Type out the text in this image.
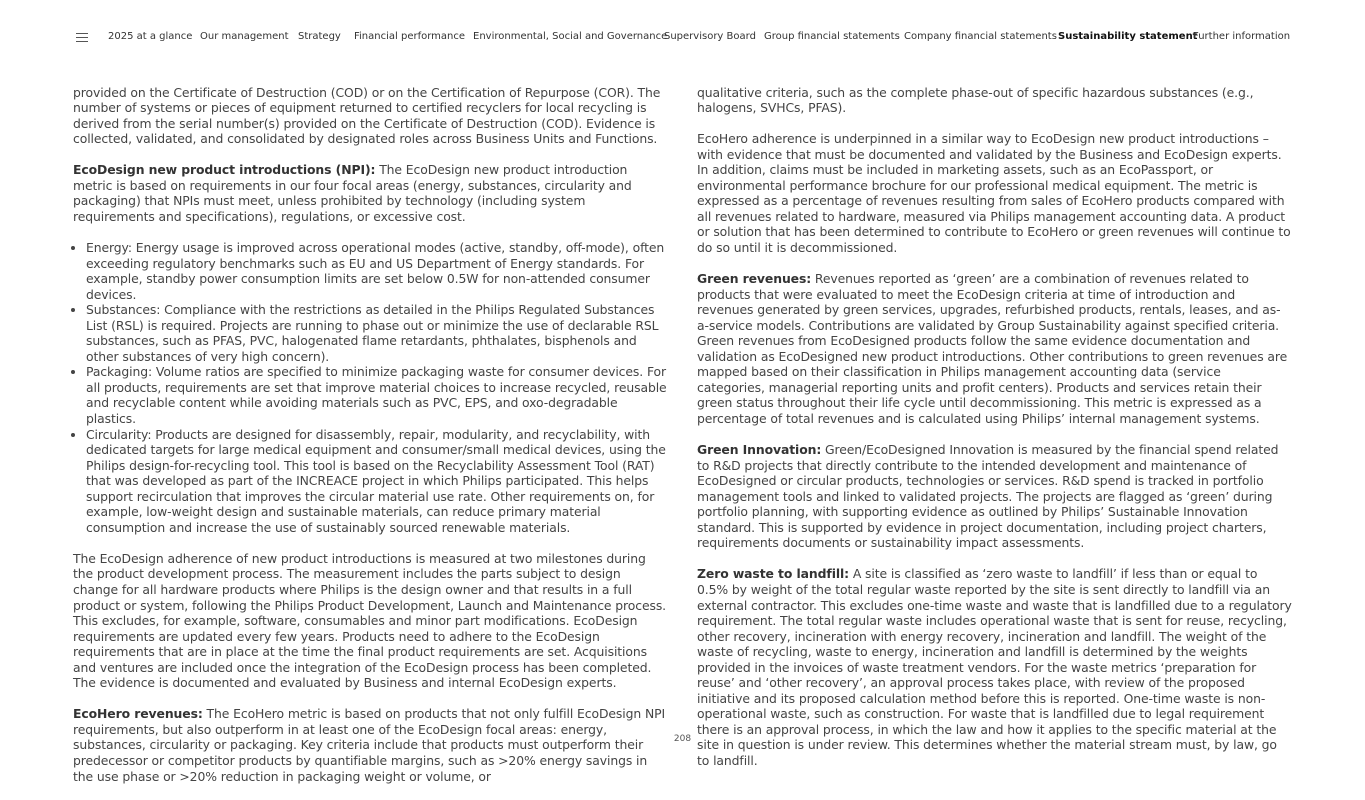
2025 at a glance Our management Strategy Financial performance Environmental, Social and Governance
Supervisory Board Group financial statements Company financial statements Sustainability statement
Further information

provided on the Certificate of Destruction (COD) or on the Certification of Repurpose (COR). The number of systems or pieces of equipment returned to certified recyclers for local recycling is derived from the serial number(s) provided on the Certificate of Destruction (COD). Evidence is collected, validated, and consolidated by designated roles across Business Units and Functions.

EcoDesign new product introductions (NPI): The EcoDesign new product introduction metric is based on requirements in our four focal areas (energy, substances, circularity and packaging) that NPIs must meet, unless prohibited by technology (including system requirements and specifications), regulations, or excessive cost.

• Energy: Energy usage is improved across operational modes (active, standby, off-mode), often exceeding regulatory benchmarks such as EU and US Department of Energy standards. For example, standby power consumption limits are set below 0.5W for non-attended consumer devices.
• Substances: Compliance with the restrictions as detailed in the Philips Regulated Substances List (RSL) is required. Projects are running to phase out or minimize the use of declarable RSL substances, such as PFAS, PVC, halogenated flame retardants, phthalates, bisphenols and other substances of very high concern).
• Packaging: Volume ratios are specified to minimize packaging waste for consumer devices. For all products, requirements are set that improve material choices to increase recycled, reusable and recyclable content while avoiding materials such as PVC, EPS, and oxo-degradable plastics.
• Circularity: Products are designed for disassembly, repair, modularity, and recyclability, with dedicated targets for large medical equipment and consumer/small medical devices, using the Philips design-for-recycling tool. This tool is based on the Recyclability Assessment Tool (RAT) that was developed as part of the INCREACE project in which Philips participated. This helps support recirculation that improves the circular material use rate. Other requirements on, for example, low-weight design and sustainable materials, can reduce primary material consumption and increase the use of sustainably sourced renewable materials.

The EcoDesign adherence of new product introductions is measured at two milestones during the product development process. The measurement includes the parts subject to design change for all hardware products where Philips is the design owner and that results in a full product or system, following the Philips Product Development, Launch and Maintenance process. This excludes, for example, software, consumables and minor part modifications. EcoDesign requirements are updated every few years. Products need to adhere to the EcoDesign requirements that are in place at the time the final product requirements are set. Acquisitions and ventures are included once the integration of the EcoDesign process has been completed. The evidence is documented and evaluated by Business and internal EcoDesign experts.

EcoHero revenues: The EcoHero metric is based on products that not only fulfill EcoDesign NPI requirements, but also outperform in at least one of the EcoDesign focal areas: energy, substances, circularity or packaging. Key criteria include that products must outperform their predecessor or competitor products by quantifiable margins, such as >20% energy savings in the use phase or >20% reduction in packaging weight or volume, or

qualitative criteria, such as the complete phase-out of specific hazardous substances (e.g., halogens, SVHCs, PFAS).

EcoHero adherence is underpinned in a similar way to EcoDesign new product introductions – with evidence that must be documented and validated by the Business and EcoDesign experts. In addition, claims must be included in marketing assets, such as an EcoPassport, or environmental performance brochure for our professional medical equipment. The metric is expressed as a percentage of revenues resulting from sales of EcoHero products compared with all revenues related to hardware, measured via Philips management accounting data. A product or solution that has been determined to contribute to EcoHero or green revenues will continue to do so until it is decommissioned.

Green revenues: Revenues reported as ‘green’ are a combination of revenues related to products that were evaluated to meet the EcoDesign criteria at time of introduction and revenues generated by green services, upgrades, refurbished products, rentals, leases, and as-a-service models. Contributions are validated by Group Sustainability against specified criteria. Green revenues from EcoDesigned products follow the same evidence documentation and validation as EcoDesigned new product introductions. Other contributions to green revenues are mapped based on their classification in Philips management accounting data (service categories, managerial reporting units and profit centers). Products and services retain their green status throughout their life cycle until decommissioning. This metric is expressed as a percentage of total revenues and is calculated using Philips’ internal management systems.

Green Innovation: Green/EcoDesigned Innovation is measured by the financial spend related to R&D projects that directly contribute to the intended development and maintenance of EcoDesigned or circular products, technologies or services. R&D spend is tracked in portfolio management tools and linked to validated projects. The projects are flagged as ‘green’ during portfolio planning, with supporting evidence as outlined by Philips’ Sustainable Innovation standard. This is supported by evidence in project documentation, including project charters, requirements documents or sustainability impact assessments.

Zero waste to landfill: A site is classified as ‘zero waste to landfill’ if less than or equal to 0.5% by weight of the total regular waste reported by the site is sent directly to landfill via an external contractor. This excludes one-time waste and waste that is landfilled due to a regulatory requirement. The total regular waste includes operational waste that is sent for reuse, recycling, other recovery, incineration with energy recovery, incineration and landfill. The weight of the waste of recycling, waste to energy, incineration and landfill is determined by the weights provided in the invoices of waste treatment vendors. For the waste metrics ‘preparation for reuse’ and ‘other recovery’, an approval process takes place, with review of the proposed initiative and its proposed calculation method before this is reported. One-time waste is non-operational waste, such as construction. For waste that is landfilled due to legal requirement there is an approval process, in which the law and how it applies to the specific material at the site in question is under review. This determines whether the material stream must, by law, go to landfill.

208
